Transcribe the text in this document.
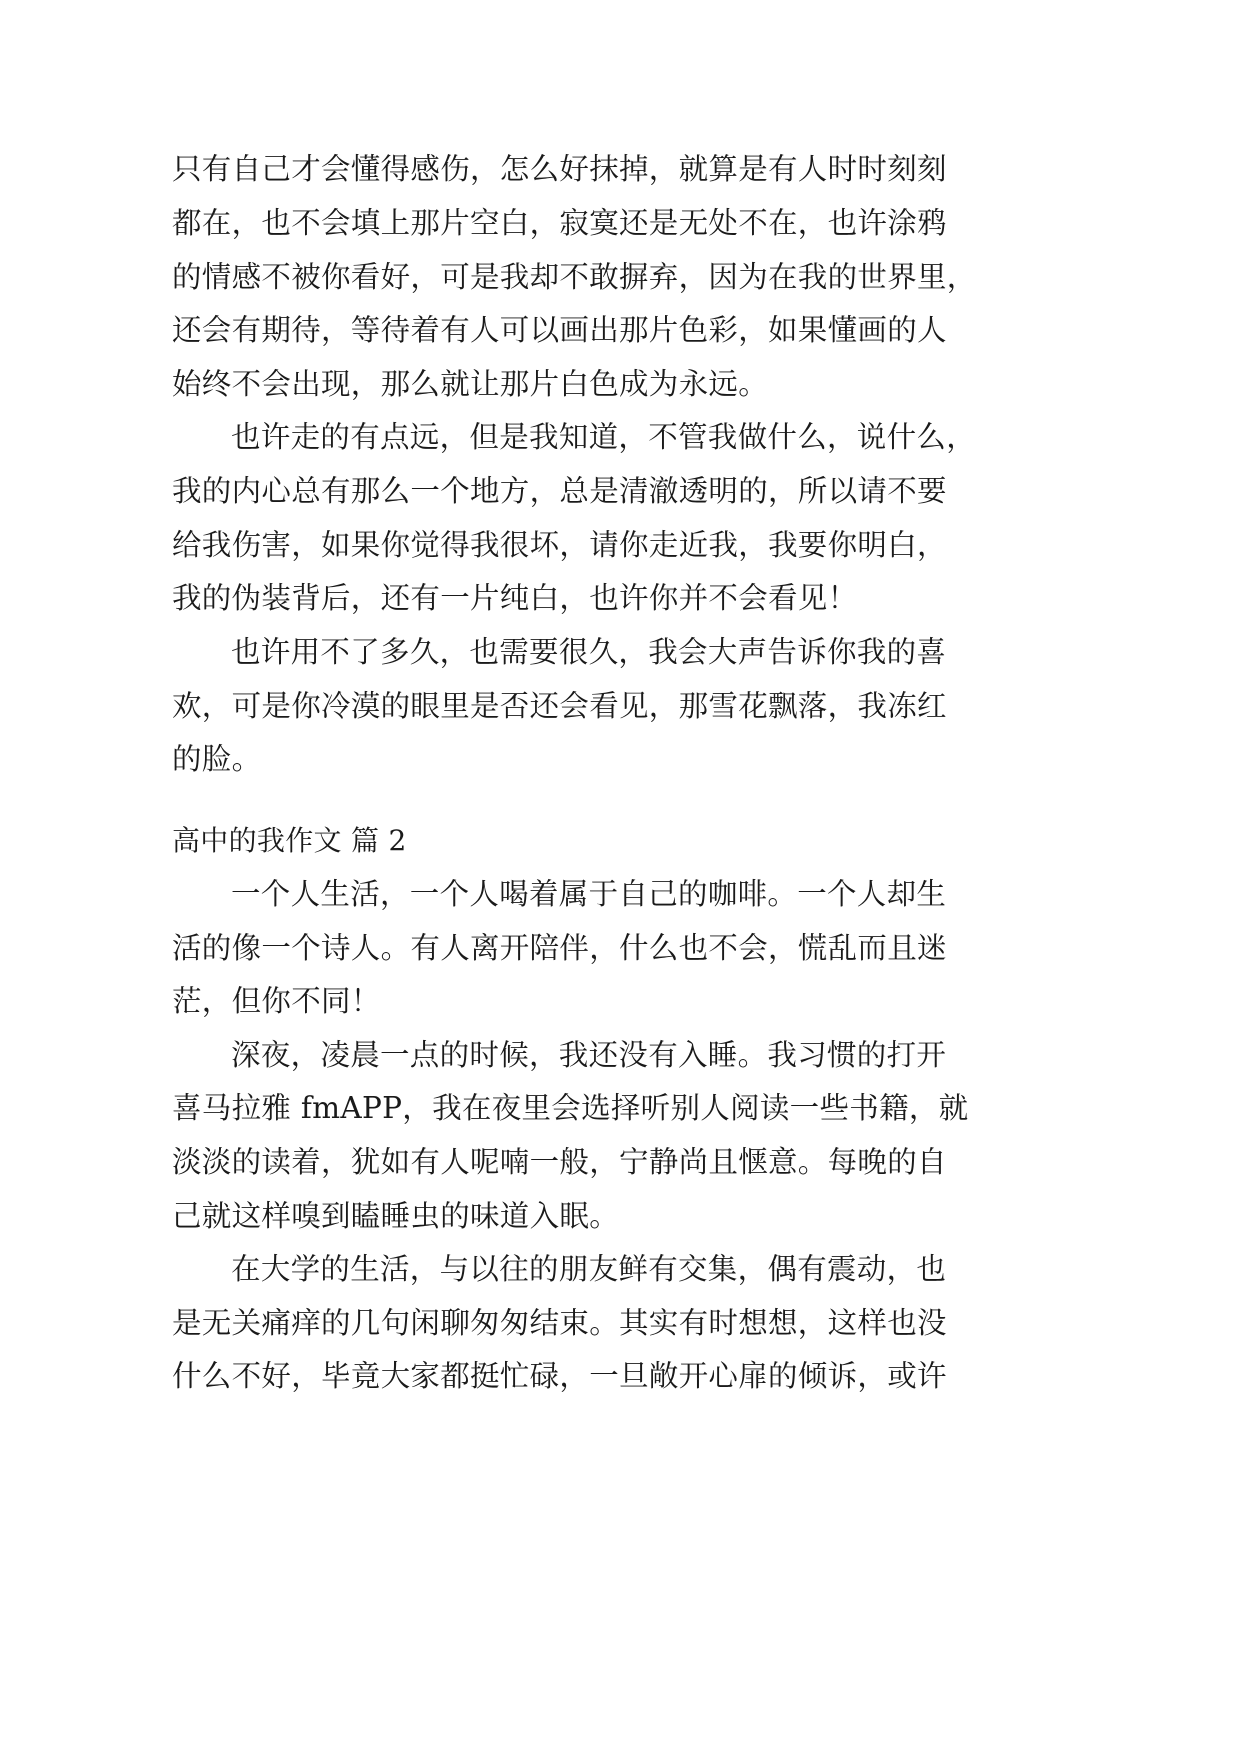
只有自己才会懂得感伤，怎么好抹掉，就算是有人时时刻刻
都在，也不会填上那片空白，寂寞还是无处不在，也许涂鸦
的情感不被你看好，可是我却不敢摒弃，因为在我的世界里，
还会有期待，等待着有人可以画出那片色彩，如果懂画的人
始终不会出现，那么就让那片白色成为永远。
也许走的有点远，但是我知道，不管我做什么，说什么，
我的内心总有那么一个地方，总是清澈透明的，所以请不要
给我伤害，如果你觉得我很坏，请你走近我，我要你明白，
我的伪装背后，还有一片纯白，也许你并不会看见！
也许用不了多久，也需要很久，我会大声告诉你我的喜
欢，可是你冷漠的眼里是否还会看见，那雪花飘落，我冻红
的脸。
高中的我作文 篇 2
一个人生活，一个人喝着属于自己的咖啡。一个人却生
活的像一个诗人。有人离开陪伴，什么也不会，慌乱而且迷
茫，但你不同！
深夜，凌晨一点的时候，我还没有入睡。我习惯的打开
喜马拉雅 fmAPP，我在夜里会选择听别人阅读一些书籍，就
淡淡的读着，犹如有人呢喃一般，宁静尚且惬意。每晚的自
己就这样嗅到瞌睡虫的味道入眠。
在大学的生活，与以往的朋友鲜有交集，偶有震动，也
是无关痛痒的几句闲聊匆匆结束。其实有时想想，这样也没
什么不好，毕竟大家都挺忙碌，一旦敞开心扉的倾诉，或许
